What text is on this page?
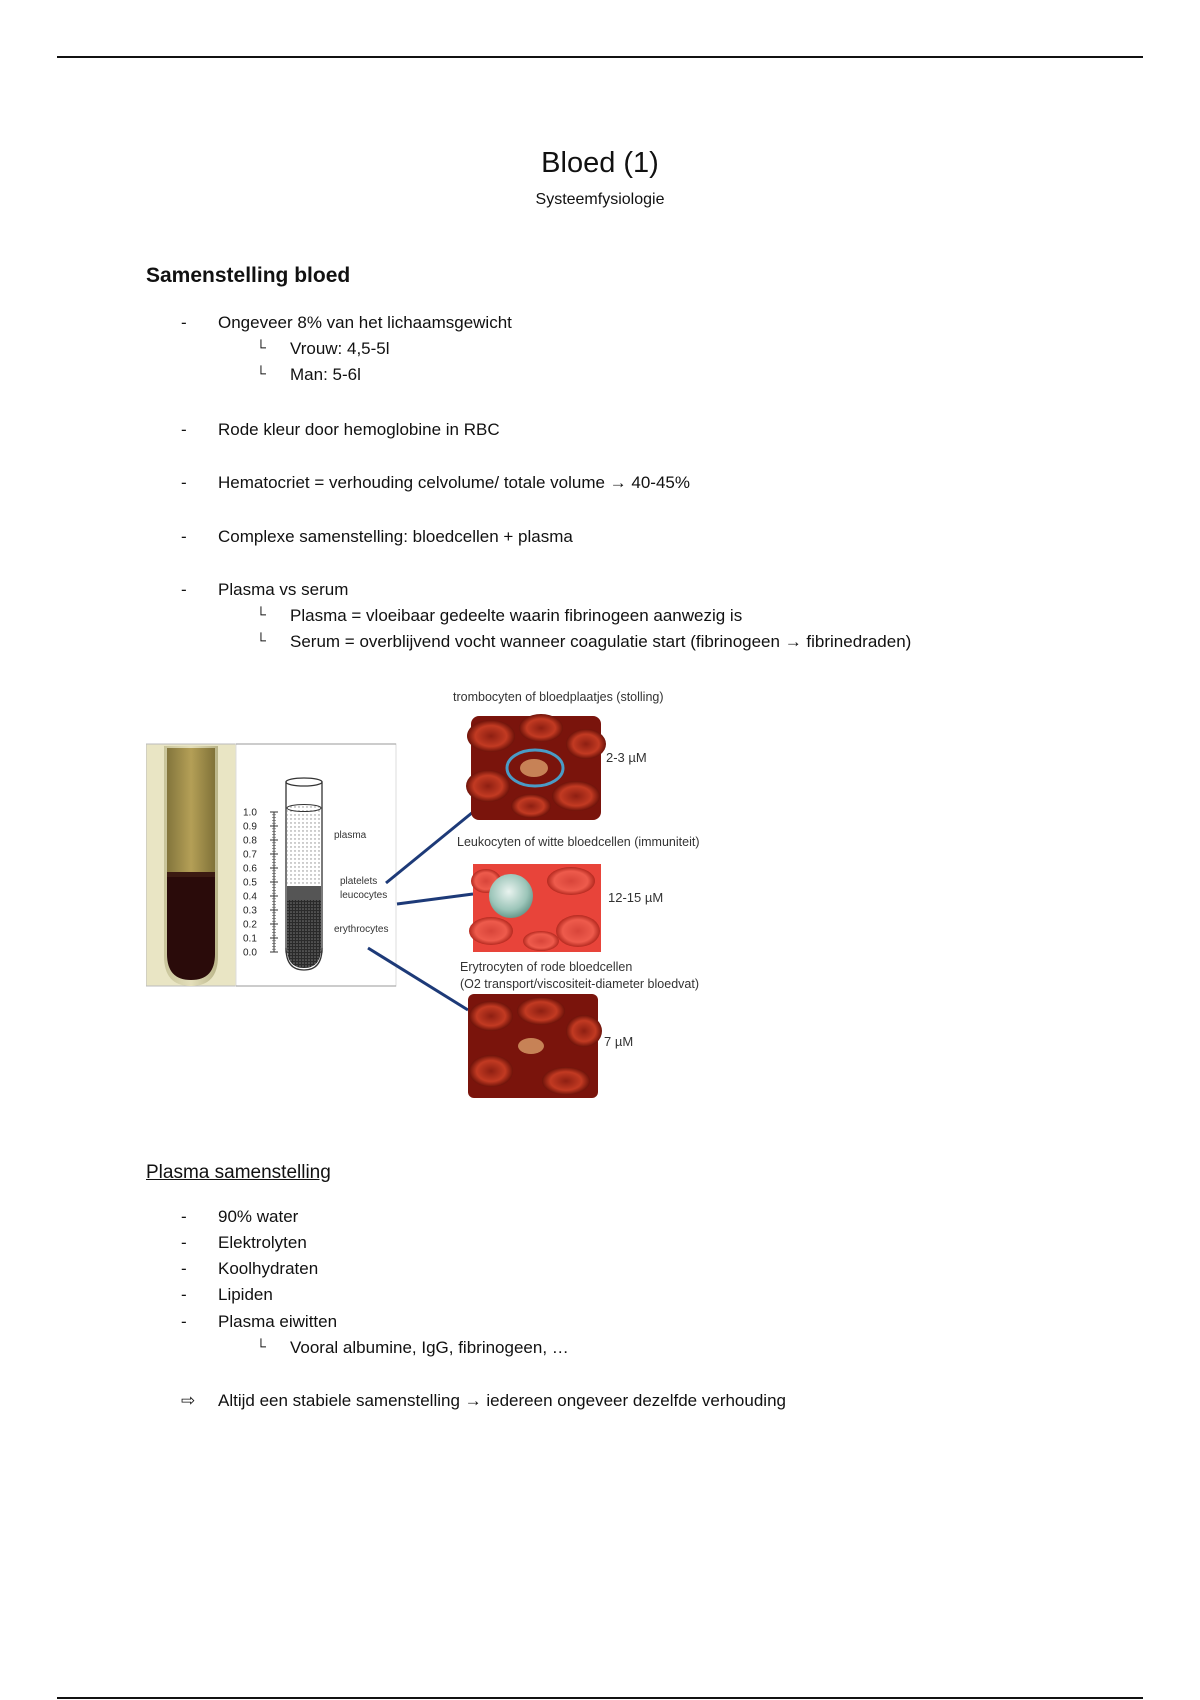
Bloed (1)
Systeemfysiologie
Samenstelling bloed
- Ongeveer 8% van het lichaamsgewicht
└ Vrouw: 4,5-5l
└ Man: 5-6l
- Rode kleur door hemoglobine in RBC
- Hematocriet = verhouding celvolume/ totale volume → 40-45%
- Complexe samenstelling: bloedcellen + plasma
- Plasma vs serum
└ Plasma = vloeibaar gedeelte waarin fibrinogeen aanwezig is
└ Serum = overblijvend vocht wanneer coagulatie start (fibrinogeen → fibrinedraden)
1.0
0.9
0.8
0.7
0.6
0.5
0.4
0.3
0.2
0.1
0.0
plasma
platelets
leucocytes
erythrocytes
trombocyten of bloedplaatjes (stolling)
2-3 µM
Leukocyten of witte bloedcellen (immuniteit)
12-15 µM
Erytrocyten of rode bloedcellen
(O2 transport/viscositeit-diameter bloedvat)
7 µM
Plasma samenstelling
- 90% water
- Elektrolyten
- Koolhydraten
- Lipiden
- Plasma eiwitten
└ Vooral albumine, IgG, fibrinogeen, …
⇨ Altijd een stabiele samenstelling → iedereen ongeveer dezelfde verhouding
